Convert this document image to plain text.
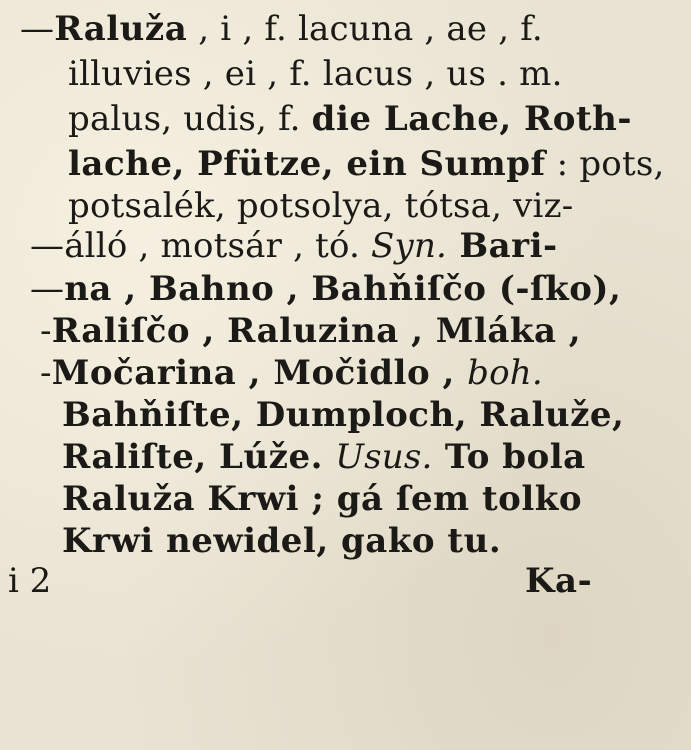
—Raluža , i , f. lacuna , ae , f.
illuvies , ei , f. lacus , us . m.
palus, udis, f. die Lache, Roth-
lache, Pfütze, ein Sumpf : pots,
potsalék, potsolya, tótsa, viz-
—álló , motsár , tó. Syn. Bari-
—na , Bahno , Bahňiſčo (-ſko),
-Raliſčo , Raluzina , Mláka ,
-Močarina , Močidlo , boh.
Bahňiſte, Dumploch, Raluže,
Raliſte, Lúže. Usus. To bola
Raluža Krwi ; gá ſem tolko
Krwi newidel, gako tu.
i 2	Ka-
